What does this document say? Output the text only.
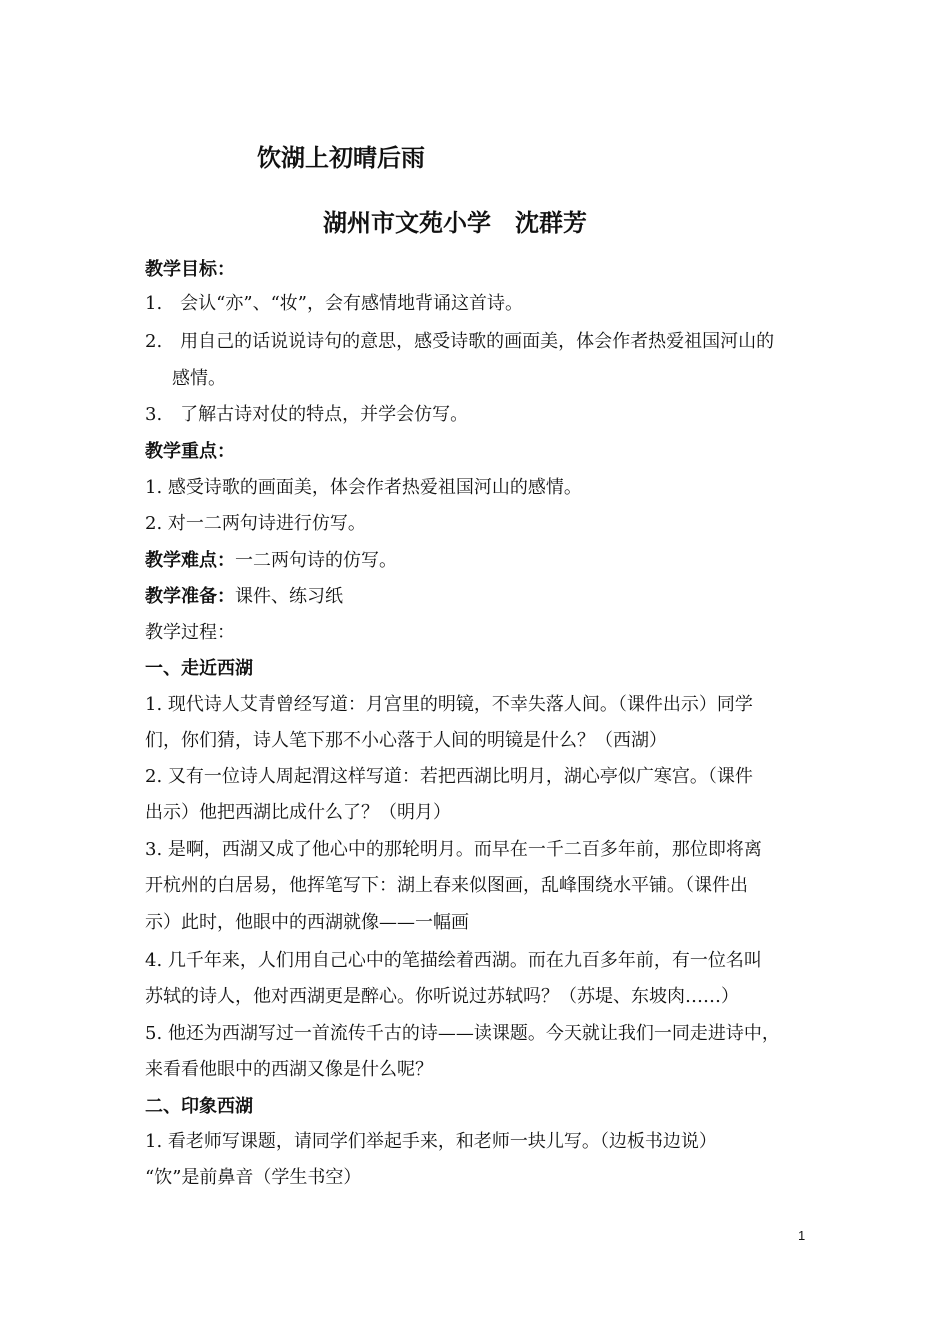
饮湖上初晴后雨
湖州市文苑小学　沈群芳
教学目标：
1.　会认“亦”、“妆”，会有感情地背诵这首诗。
2.　用自己的话说说诗句的意思，感受诗歌的画面美，体会作者热爱祖国河山的
感情。
3.　了解古诗对仗的特点，并学会仿写。
教学重点：
1. 感受诗歌的画面美，体会作者热爱祖国河山的感情。
2. 对一二两句诗进行仿写。
教学难点：一二两句诗的仿写。
教学准备：课件、练习纸
教学过程：
一、走近西湖
1. 现代诗人艾青曾经写道：月宫里的明镜，不幸失落人间。（课件出示）同学
们，你们猜，诗人笔下那不小心落于人间的明镜是什么？（西湖）
2. 又有一位诗人周起渭这样写道：若把西湖比明月，湖心亭似广寒宫。（课件
出示）他把西湖比成什么了？（明月）
3. 是啊，西湖又成了他心中的那轮明月。而早在一千二百多年前，那位即将离
开杭州的白居易，他挥笔写下：湖上春来似图画，乱峰围绕水平铺。（课件出
示）此时，他眼中的西湖就像——一幅画
4. 几千年来，人们用自己心中的笔描绘着西湖。而在九百多年前，有一位名叫
苏轼的诗人，他对西湖更是醉心。你听说过苏轼吗？（苏堤、东坡肉……）
5. 他还为西湖写过一首流传千古的诗——读课题。今天就让我们一同走进诗中，
来看看他眼中的西湖又像是什么呢？
二、印象西湖
1. 看老师写课题，请同学们举起手来，和老师一块儿写。（边板书边说）
“饮”是前鼻音（学生书空）
1
